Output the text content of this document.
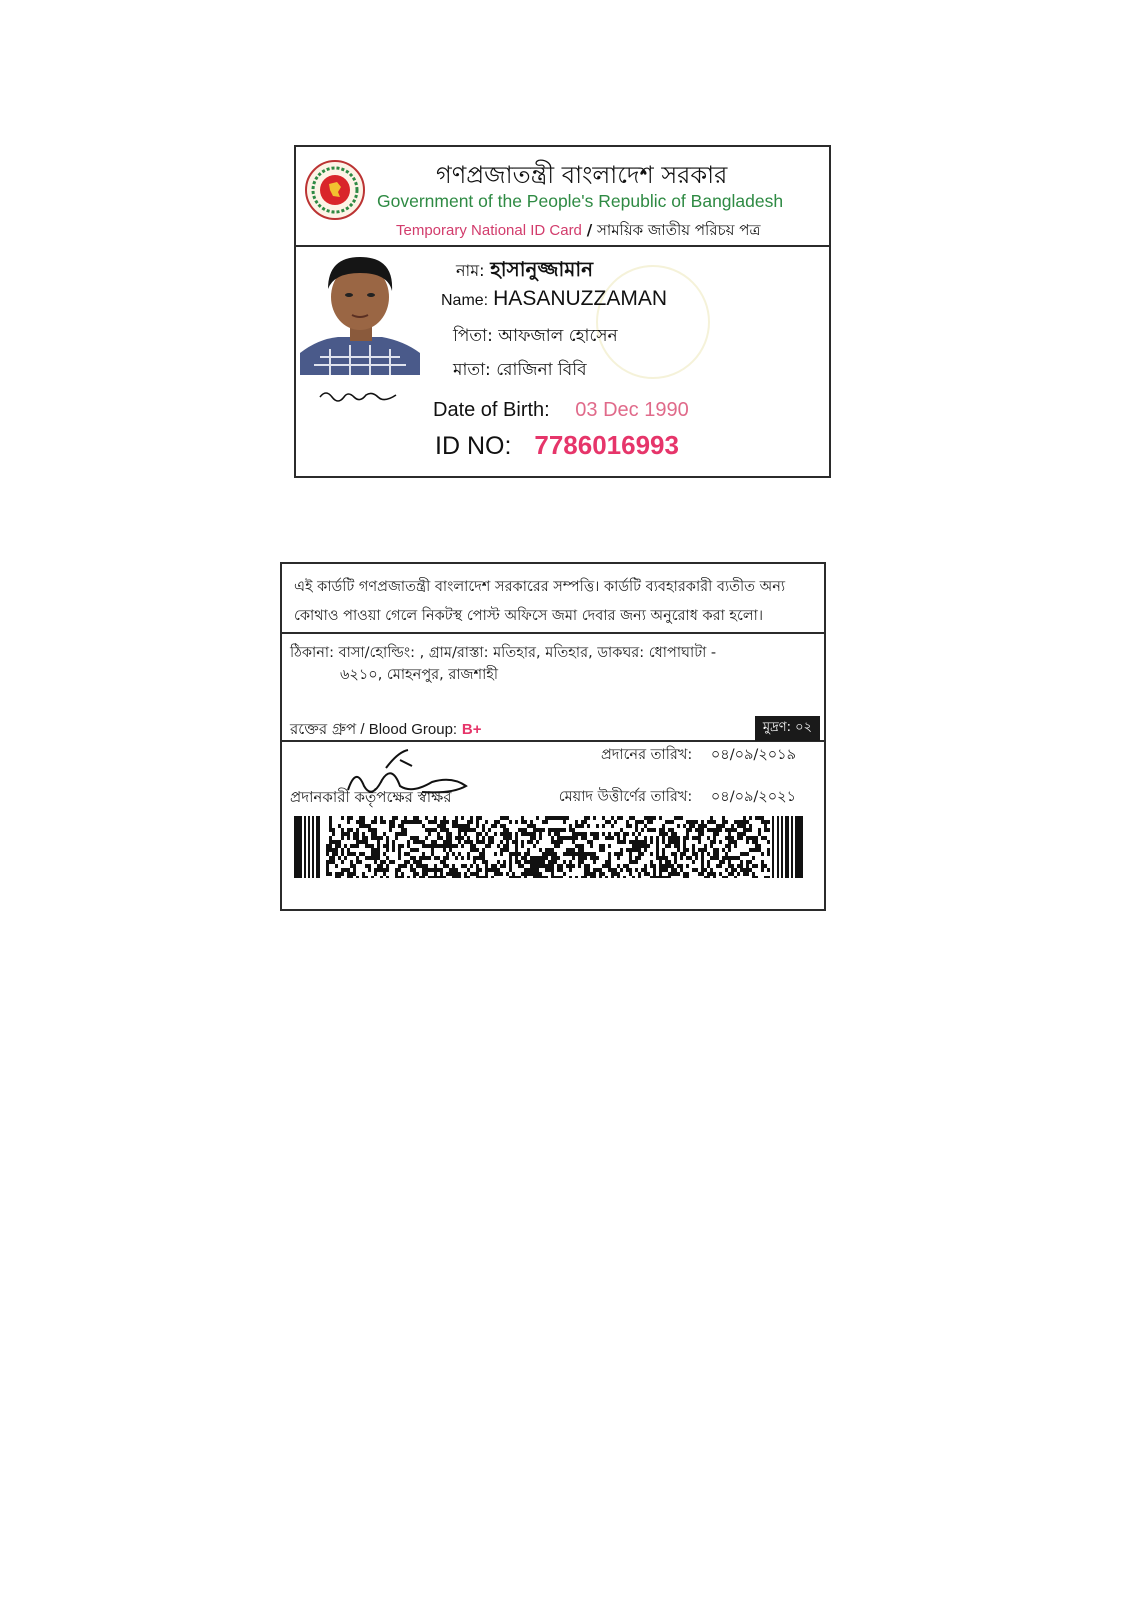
গণপ্রজাতন্ত্রী বাংলাদেশ সরকার
Government of the People's Republic of Bangladesh
Temporary National ID Card / সাময়িক জাতীয় পরিচয় পত্র
নাম: হাসানুজ্জামান
Name: HASANUZZAMAN
পিতা: আফজাল হোসেন
মাতা: রোজিনা বিবি
Date of Birth: 03 Dec 1990
ID NO: 7786016993
এই কার্ডটি গণপ্রজাতন্ত্রী বাংলাদেশ সরকারের সম্পত্তি। কার্ডটি ব্যবহারকারী ব্যতীত অন্য
কোথাও পাওয়া গেলে নিকটস্থ পোস্ট অফিসে জমা দেবার জন্য অনুরোধ করা হলো।
ঠিকানা: বাসা/হোল্ডিং: , গ্রাম/রাস্তা: মতিহার, মতিহার, ডাকঘর: ধোপাঘাটা -
৬২১০, মোহনপুর, রাজশাহী
রক্তের গ্রুপ / Blood Group: B+	মুদ্রণ: ০২
প্রদানকারী কর্তৃপক্ষের স্বাক্ষর
প্রদানের তারিখ: ০৪/০৯/২০১৯
মেয়াদ উত্তীর্ণের তারিখ: ০৪/০৯/২০২১
